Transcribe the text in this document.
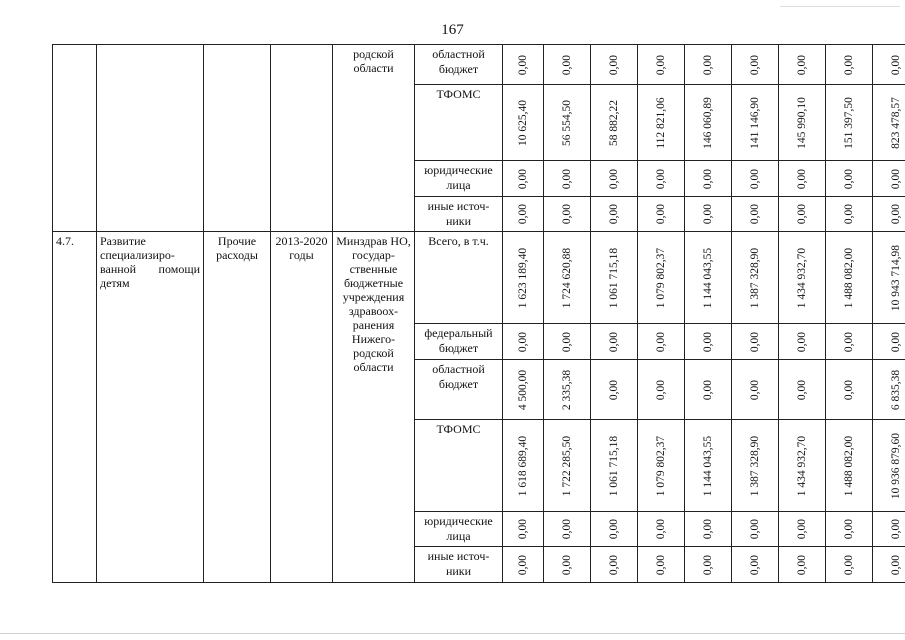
167
				родской области	областной бюджет	0,00	0,00	0,00	0,00	0,00	0,00	0,00	0,00	0,00

					ТФОМС	10 625,40	56 554,50	58 882,22	112 821,06	146 060,89	141 146,90	145 990,10	151 397,50	823 478,57

					юридические лица	0,00	0,00	0,00	0,00	0,00	0,00	0,00	0,00	0,00

					иные источ-ники	0,00	0,00	0,00	0,00	0,00	0,00	0,00	0,00	0,00

4.7.	Развитие специализиро-ванной помощи детям	Прочие расходы	2013-2020 годы	Минздрав НО, государ-ственные бюджетные учреждения здравоох-ранения Нижего-родской области	Всего, в т.ч.	1 623 189,40	1 724 620,88	1 061 715,18	1 079 802,37	1 144 043,55	1 387 328,90	1 434 932,70	1 488 082,00	10 943 714,98

					федеральный бюджет	0,00	0,00	0,00	0,00	0,00	0,00	0,00	0,00	0,00

					областной бюджет	4 500,00	2 335,38	0,00	0,00	0,00	0,00	0,00	0,00	6 835,38

					ТФОМС	1 618 689,40	1 722 285,50	1 061 715,18	1 079 802,37	1 144 043,55	1 387 328,90	1 434 932,70	1 488 082,00	10 936 879,60

					юридические лица	0,00	0,00	0,00	0,00	0,00	0,00	0,00	0,00	0,00

					иные источ-ники	0,00	0,00	0,00	0,00	0,00	0,00	0,00	0,00	0,00
